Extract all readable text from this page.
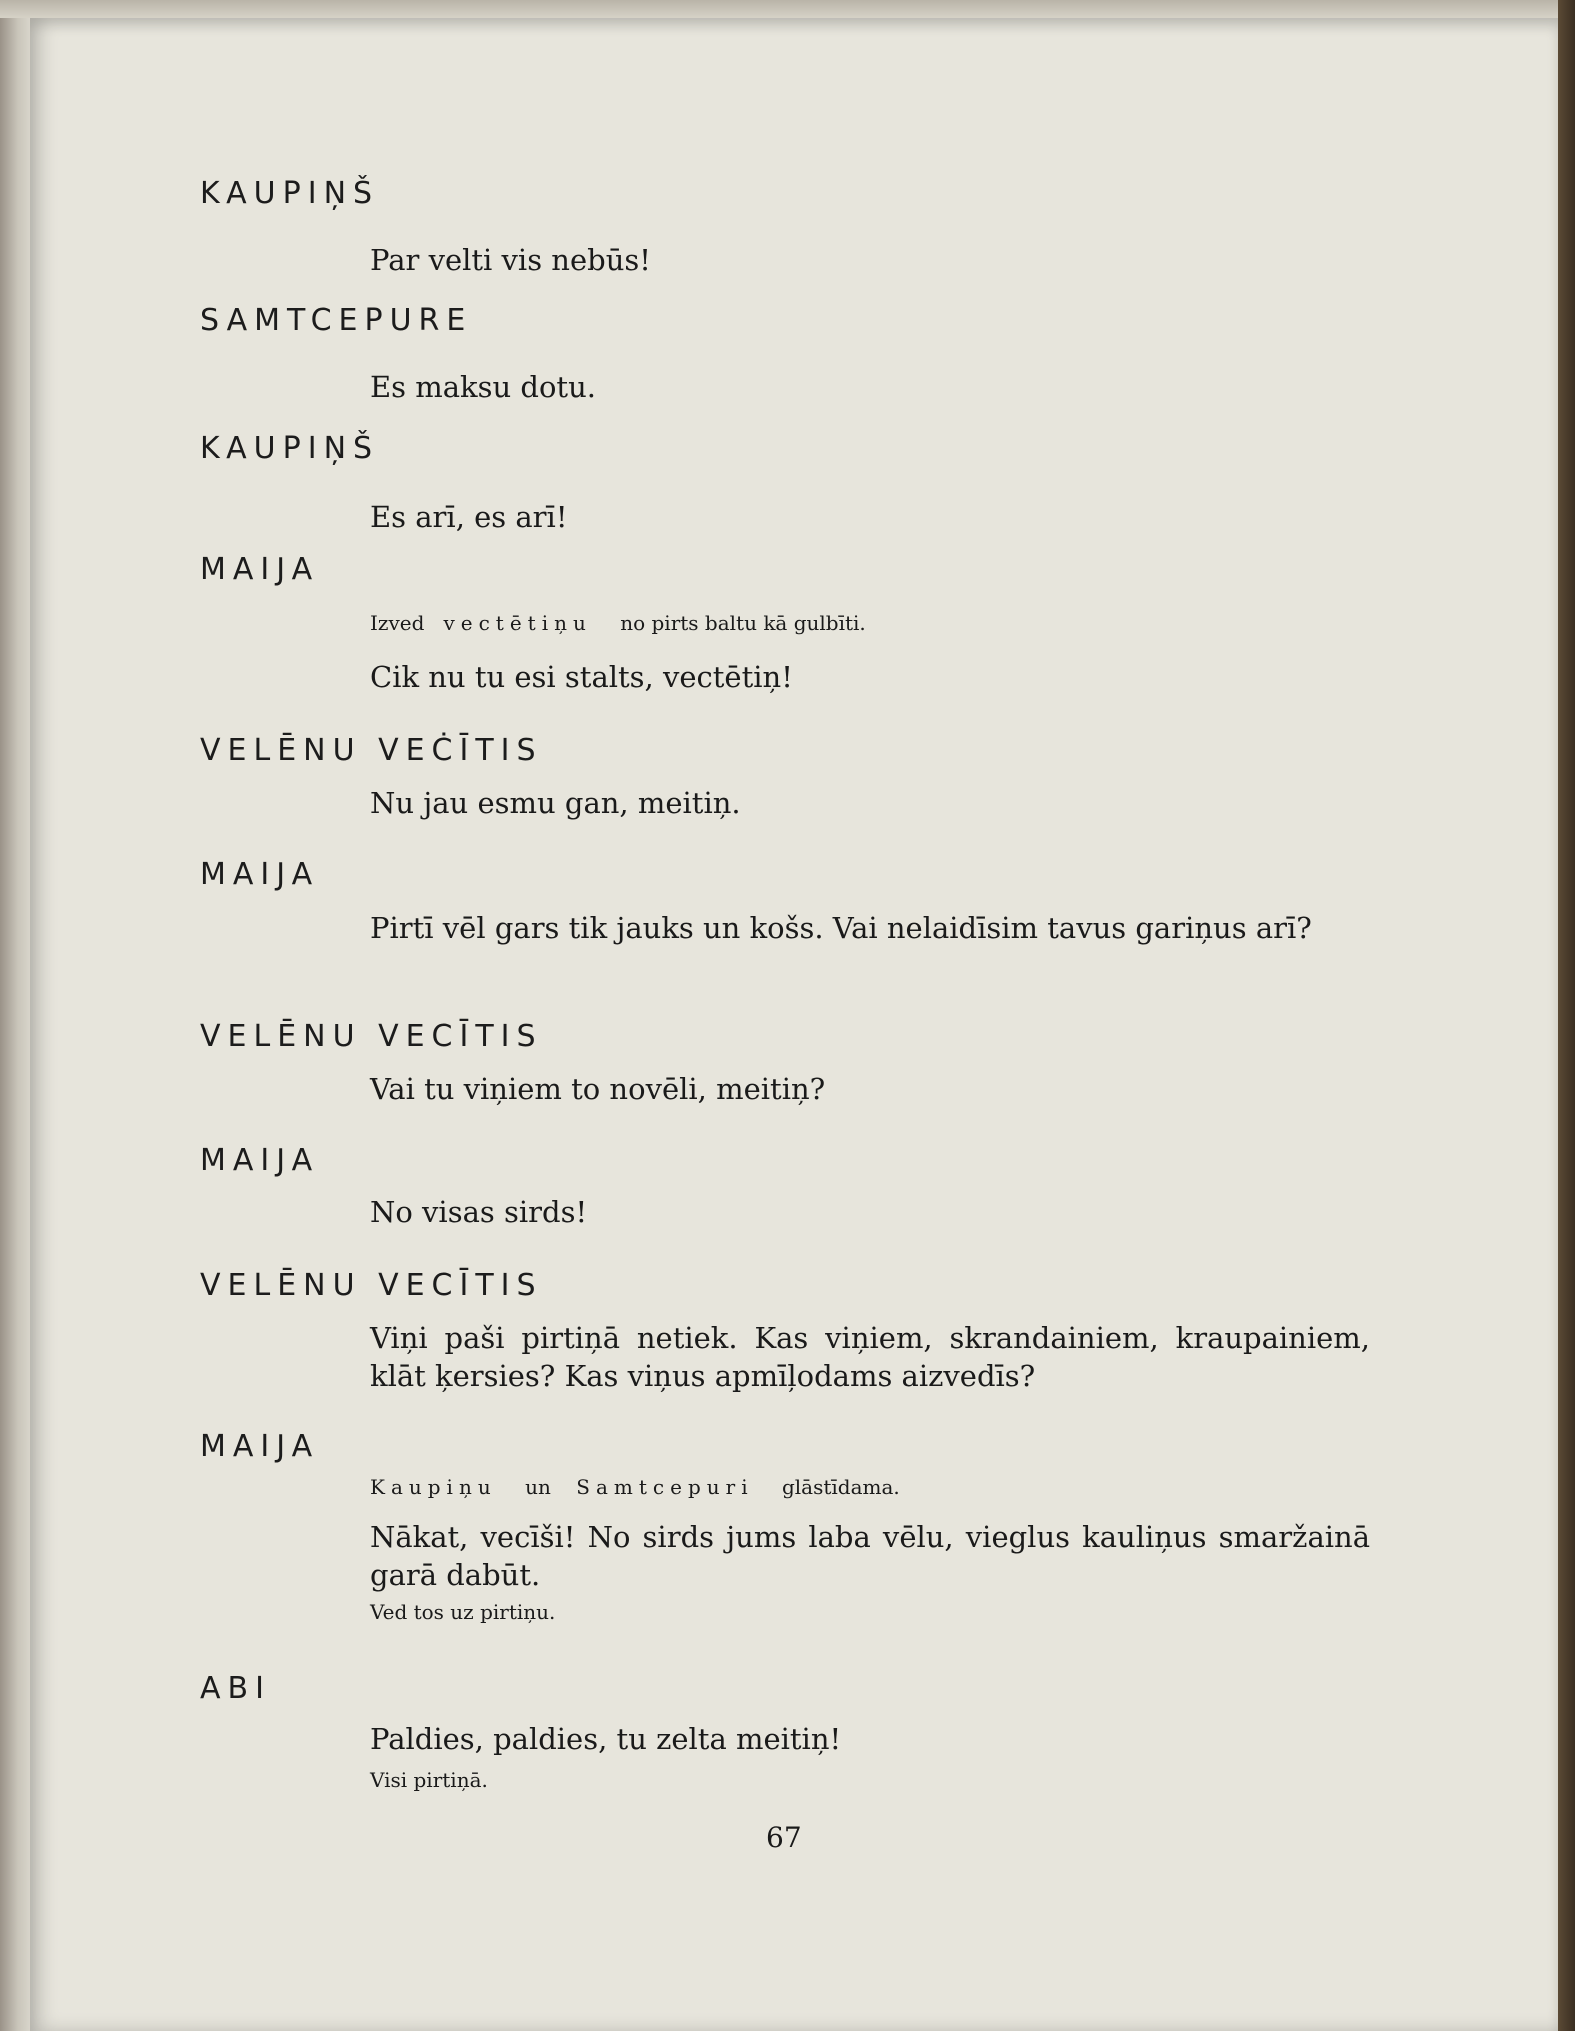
KAUPIŅŠ
Par velti vis nebūs!
SAMTCEPURE
Es maksu dotu.
KAUPIŅŠ
Es arī, es arī!
MAIJA
Izved vectētiņu no pirts baltu kā gulbīti.
Cik nu tu esi stalts, vectētiņ!
VELĒNU VEĊĪTIS
Nu jau esmu gan, meitiņ.
MAIJA
Pirtī vēl gars tik jauks un košs. Vai nelaidīsim tavus gariņus arī?
VELĒNU VECĪTIS
Vai tu viņiem to novēli, meitiņ?
MAIJA
No visas sirds!
VELĒNU VECĪTIS
Viņi paši pirtiņā netiek. Kas viņiem, skrandainiem, kraupainiem, klāt ķersies? Kas viņus apmīļodams aizvedīs?
MAIJA
Kaupiņu un Samtcepuri glāstīdama.
Nākat, vecīši! No sirds jums laba vēlu, vieglus kauliņus smaržainā garā dabūt.
Ved tos uz pirtiņu.
ABI
Paldies, paldies, tu zelta meitiņ!
Visi pirtiņā.
67
